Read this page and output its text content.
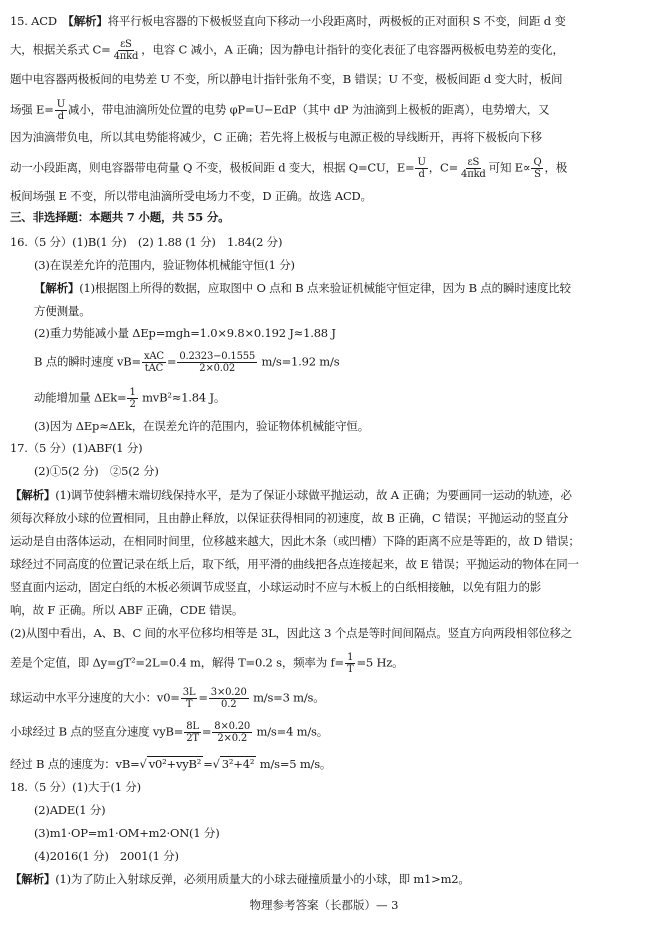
15. ACD　【解析】将平行板电容器的下极板竖直向下移动一小段距离时，两极板的正对面积 S 不变，间距 d 变
大，根据关系式 $C= \frac{\varepsilon S}{\text{4πkd}}$ ，电容 C 减小，A 正确；因为静电计指针的变化表征了电容器两极板电势差的变化，
题中电容器两极板间的电势差 U 不变，所以静电计指针张角不变，B 错误；U 不变，极板间距 d 变大时，板间
场强 $E= \frac{U}{d}$ 减小，带电油滴所处位置的电势 φP=U−EdP（其中 dP 为油滴到上极板的距离），电势增大，又
因为油滴带负电，所以其电势能将减少，C 正确；若先将上极板与电源正极的导线断开，再将下极板向下移
动一小段距离，则电容器带电荷量 Q 不变，极板间距 d 变大，根据 Q=CU，$E= \frac{U}{d}$ ，$C= \frac{\varepsilon S}{\text{4πkd}}$ 可知 $E\propto \frac{Q}{S}$ ，极
板间场强 E 不变，所以带电油滴所受电场力不变，D 正确。故选 ACD。
三、非选择题：本题共 7 小题，共 55 分。
16.（5 分）(1)B(1 分)　(2) 1.88 (1 分)　1.84(2 分)
(3)在误差允许的范围内，验证物体机械能守恒(1 分)
【解析】(1)根据图上所得的数据，应取图中 O 点和 B 点来验证机械能守恒定律，因为 B 点的瞬时速度比较
方便测量。
(2)重力势能减小量 ΔEp=mgh=1.0×9.8×0.192 J≈1.88 J
B 点的瞬时速度 $vB= \frac{\text{xAC}}{\text{tAC}} = \frac{0.2323-0.1555}{2\times 0.02} m/s=1.92$ m/s
动能增加量 $\Delta Ek= \frac{1}{2} mvB^2\approx 1.84$ J。
(3)因为 ΔEp≈ΔEk，在误差允许的范围内，验证物体机械能守恒。
17.（5 分）(1)ABF(1 分)
(2)①5(2 分)　②5(2 分)
【解析】(1)调节使斜槽末端切线保持水平，是为了保证小球做平抛运动，故 A 正确；为要画同一运动的轨迹，必
须每次释放小球的位置相同，且由静止释放，以保证获得相同的初速度，故 B 正确，C 错误；平抛运动的竖直分
运动是自由落体运动，在相同时间里，位移越来越大，因此木条（或凹槽）下降的距离不应是等距的，故 D 错误；
球经过不同高度的位置记录在纸上后，取下纸，用平滑的曲线把各点连接起来，故 E 错误；平抛运动的物体在同一
竖直面内运动，固定白纸的木板必须调节成竖直，小球运动时不应与木板上的白纸相接触，以免有阻力的影
响，故 F 正确。所以 ABF 正确，CDE 错误。
(2)从图中看出，A、B、C 间的水平位移均相等是 3L，因此这 3 个点是等时间间隔点。竖直方向两段相邻位移之
差是个定值，即 Δy=gT²=2L=0.4 m，解得 T=0.2 s，频率为 $f= \frac{1}{T} =5$ Hz。
球运动中水平分速度的大小：$v0= \frac{3L}{T} = \frac{3\times 0.20}{0.2} m/s=3$ m/s。
小球经过 B 点的竖直分速度 $vyB= \frac{8L}{2T} = \frac{8\times 0.20}{2\times 0.2} m/s=4$ m/s。
经过 B 点的速度为：vB=√ v0²+vyB² =√ 3²+4² m/s=5 m/s。
18.（5 分）(1)大于(1 分)
(2)ADE(1 分)
(3)m1·OP=m1·OM+m2·ON(1 分)
(4)2016(1 分)　2001(1 分)
【解析】(1)为了防止入射球反弹，必须用质量大的小球去碰撞质量小的小球，即 m1>m2。
物理参考答案（长郡版）— 3
